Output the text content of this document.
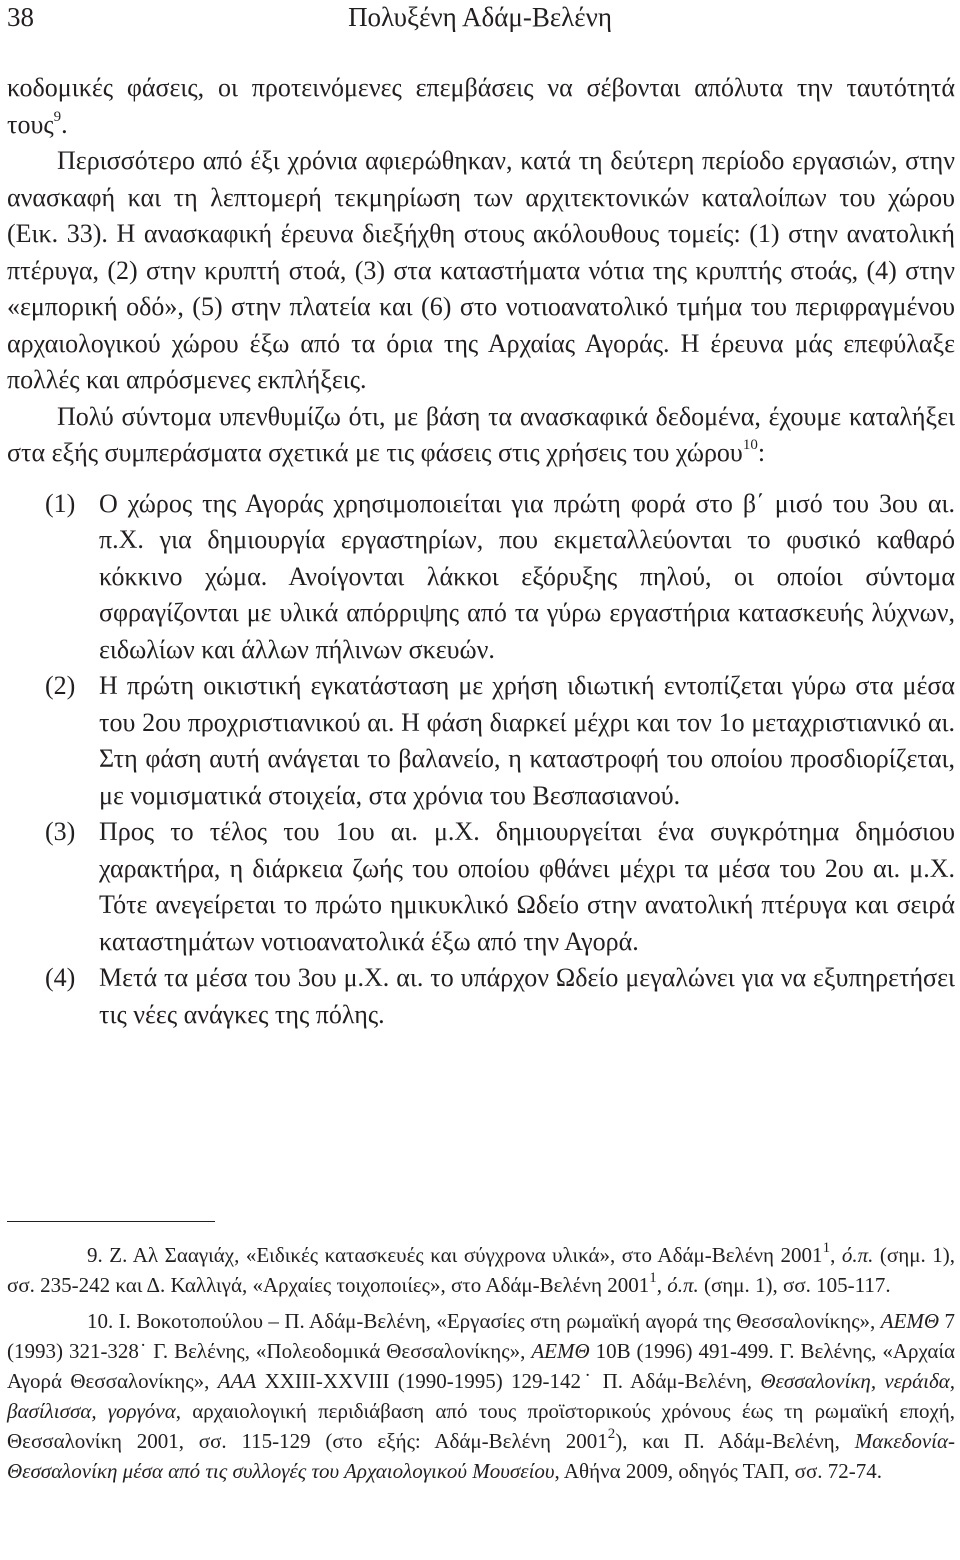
38	Πολυξένη Αδάμ-Βελένη

κοδομικές φάσεις, οι προτεινόμενες επεμβάσεις να σέβονται απόλυτα την ταυτότητά τους$^9$.

Περισσότερο από έξι χρόνια αφιερώθηκαν, κατά τη δεύτερη περίοδο εργασιών, στην ανασκαφή και τη λεπτομερή τεκμηρίωση των αρχιτεκτονικών καταλοίπων του χώρου (Εικ. 33). Η ανασκαφική έρευνα διεξήχθη στους ακόλουθους τομείς: (1) στην ανατολική πτέρυγα, (2) στην κρυπτή στοά, (3) στα καταστήματα νότια της κρυπτής στοάς, (4) στην «εμπορική οδό», (5) στην πλατεία και (6) στο νοτιοανατολικό τμήμα του περιφραγμένου αρχαιολογικού χώρου έξω από τα όρια της Αρχαίας Αγοράς. Η έρευνα μάς επεφύλαξε πολλές και απρόσμενες εκπλήξεις.

Πολύ σύντομα υπενθυμίζω ότι, με βάση τα ανασκαφικά δεδομένα, έχουμε καταλήξει στα εξής συμπεράσματα σχετικά με τις φάσεις στις χρήσεις του χώρου$^{10}$:

(1) Ο χώρος της Αγοράς χρησιμοποιείται για πρώτη φορά στο β΄ μισό του 3ου αι. π.Χ. για δημιουργία εργαστηρίων, που εκμεταλλεύονται το φυσικό καθαρό κόκκινο χώμα. Ανοίγονται λάκκοι εξόρυξης πηλού, οι οποίοι σύντομα σφραγίζονται με υλικά απόρριψης από τα γύρω εργαστήρια κατασκευής λύχνων, ειδωλίων και άλλων πήλινων σκευών.
(2) Η πρώτη οικιστική εγκατάσταση με χρήση ιδιωτική εντοπίζεται γύρω στα μέσα του 2ου προχριστιανικού αι. Η φάση διαρκεί μέχρι και τον 1ο μεταχριστιανικό αι. Στη φάση αυτή ανάγεται το βαλανείο, η καταστροφή του οποίου προσδιορίζεται, με νομισματικά στοιχεία, στα χρόνια του Βεσπασιανού.
(3) Προς το τέλος του 1ου αι. μ.Χ. δημιουργείται ένα συγκρότημα δημόσιου χαρακτήρα, η διάρκεια ζωής του οποίου φθάνει μέχρι τα μέσα του 2ου αι. μ.Χ. Τότε ανεγείρεται το πρώτο ημικυκλικό Ωδείο στην ανατολική πτέρυγα και σειρά καταστημάτων νοτιοανατολικά έξω από την Αγορά.
(4) Μετά τα μέσα του 3ου μ.Χ. αι. το υπάρχον Ωδείο μεγαλώνει για να εξυπηρετήσει τις νέες ανάγκες της πόλης.

9. Ζ. Αλ Σααγιάχ, «Ειδικές κατασκευές και σύγχρονα υλικά», στο Αδάμ-Βελένη 2001$^1$, ό.π. (σημ. 1), σσ. 235-242 και Δ. Καλλιγά, «Αρχαίες τοιχοποιίες», στο Αδάμ-Βελένη 2001$^1$, ό.π. (σημ. 1), σσ. 105-117.

10. Ι. Βοκοτοπούλου – Π. Αδάμ-Βελένη, «Εργασίες στη ρωμαϊκή αγορά της Θεσσαλονίκης», ΑΕΜΘ 7 (1993) 321-328˙ Γ. Βελένης, «Πολεοδομικά Θεσσαλονίκης», ΑΕΜΘ 10Β (1996) 491-499. Γ. Βελένης, «Αρχαία Αγορά Θεσσαλονίκης», ΑΑΑ ΧΧΙΙΙ-ΧΧVIII (1990-1995) 129-142˙ Π. Αδάμ-Βελένη, Θεσσαλονίκη, νεράιδα, βασίλισσα, γοργόνα, αρχαιολογική περιδιάβαση από τους προϊστορικούς χρόνους έως τη ρωμαϊκή εποχή, Θεσσαλονίκη 2001, σσ. 115-129 (στο εξής: Αδάμ-Βελένη 2001$^2$), και Π. Αδάμ-Βελένη, Μακεδονία-Θεσσαλονίκη μέσα από τις συλλογές του Αρχαιολογικού Μουσείου, Αθήνα 2009, οδηγός ΤΑΠ, σσ. 72-74.
